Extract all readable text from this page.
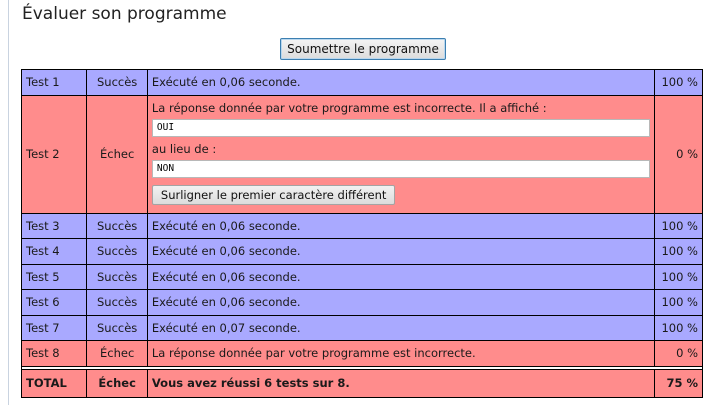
Évaluer son programme
Soumettre le programme
Test 1	Succès	Exécuté en 0,06 seconde.	100 %
Test 2	Échec	La réponse donnée par votre programme est incorrecte. Il a affiché :
OUI
au lieu de :
NON
Surligner le premier caractère différent	0 %
Test 3	Succès	Exécuté en 0,06 seconde.	100 %
Test 4	Succès	Exécuté en 0,06 seconde.	100 %
Test 5	Succès	Exécuté en 0,06 seconde.	100 %
Test 6	Succès	Exécuté en 0,06 seconde.	100 %
Test 7	Succès	Exécuté en 0,07 seconde.	100 %
Test 8	Échec	La réponse donnée par votre programme est incorrecte.	0 %

TOTAL	Échec	Vous avez réussi 6 tests sur 8.	75 %
